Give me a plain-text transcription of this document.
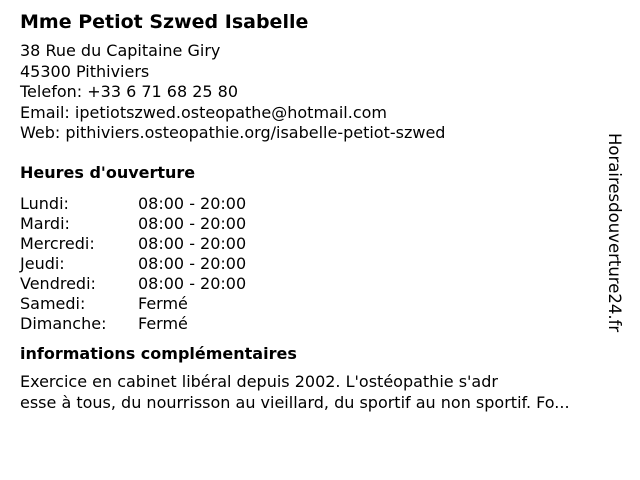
Mme Petiot Szwed Isabelle
38 Rue du Capitaine Giry
45300 Pithiviers
Telefon: +33 6 71 68 25 80
Email: ipetiotszwed.osteopathe@hotmail.com
Web: pithiviers.osteopathie.org/isabelle-petiot-szwed
Heures d'ouverture
Lundi:	08:00 - 20:00
Mardi:	08:00 - 20:00
Mercredi:	08:00 - 20:00
Jeudi:	08:00 - 20:00
Vendredi:	08:00 - 20:00
Samedi:	Fermé
Dimanche:	Fermé
informations complémentaires
Exercice en cabinet libéral depuis 2002. L'ostéopathie s'adr
esse à tous, du nourrisson au vieillard, du sportif au non sportif. Fo...
Horairesdouverture24.fr
